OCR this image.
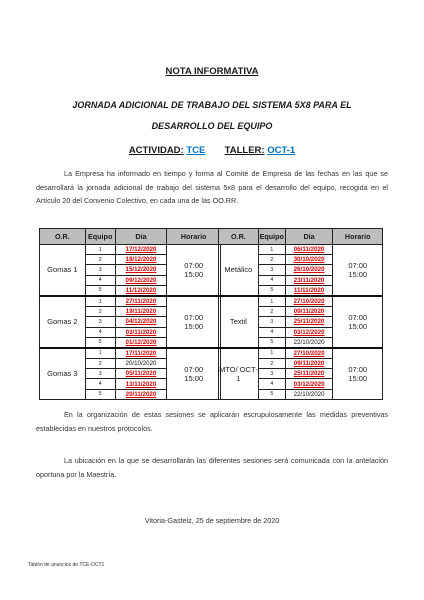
NOTA INFORMATIVA
JORNADA ADICIONAL DE TRABAJO DEL SISTEMA 5X8 PARA EL DESARROLLO DEL EQUIPO
ACTIVIDAD: TCE TALLER: OCT-1
La Empresa ha informado en tiempo y forma al Comité de Empresa de las fechas en las que se desarrollará la jornada adicional de trabajo del sistema 5x8 para el desarrollo del equipo, recogida en el Artículo 20 del Convenio Colectivo, en cada una de las OO.RR.
O.R.	Equipo	Día	Horario
Gomas 1	1	17/12/2020	07:00
15:00

	2	18/12/2020	
	3	15/12/2020	
	4	09/12/2020	
	5	11/12/2020	
Gomas 2	1	27/11/2020	07:00
15:00

	2	19/11/2020	
	3	04/12/2020	
	4	03/11/2020	
	5	01/12/2020	
Gomas 3	1	17/11/2020	07:00
15:00

	2	20/10/2020	
	3	05/11/2020	
	4	13/11/2020	
	5	20/11/2020	
O.R.	Equipo	Día	Horario
Metálico	1	06/11/2020	07:00
15:00

	2	30/10/2020	
	3	26/10/2020	
	4	23/11/2020	
	5	11/11/2020	
Textil	1	27/10/2020	07:00
15:00

	2	09/11/2020	
	3	25/11/2020	
	4	03/12/2020	
	5	22/10/2020	
MTO/ OCT-1	1	27/10/2020	07:00
15:00

	2	09/11/2020	
	3	25/11/2020	
	4	03/12/2020	
	5	22/10/2020	
En la organización de estas sesiones se aplicarán escrupulosamente las medidas preventivas establecidas en nuestros protocolos.
La ubicación en la que se desarrollarán las diferentes sesiones será comunicada con la antelación oportuna por la Maestría.
Vitoria-Gasteiz, 25 de septiembre de 2020
Tablón de anuncios de TCE-OCT1
